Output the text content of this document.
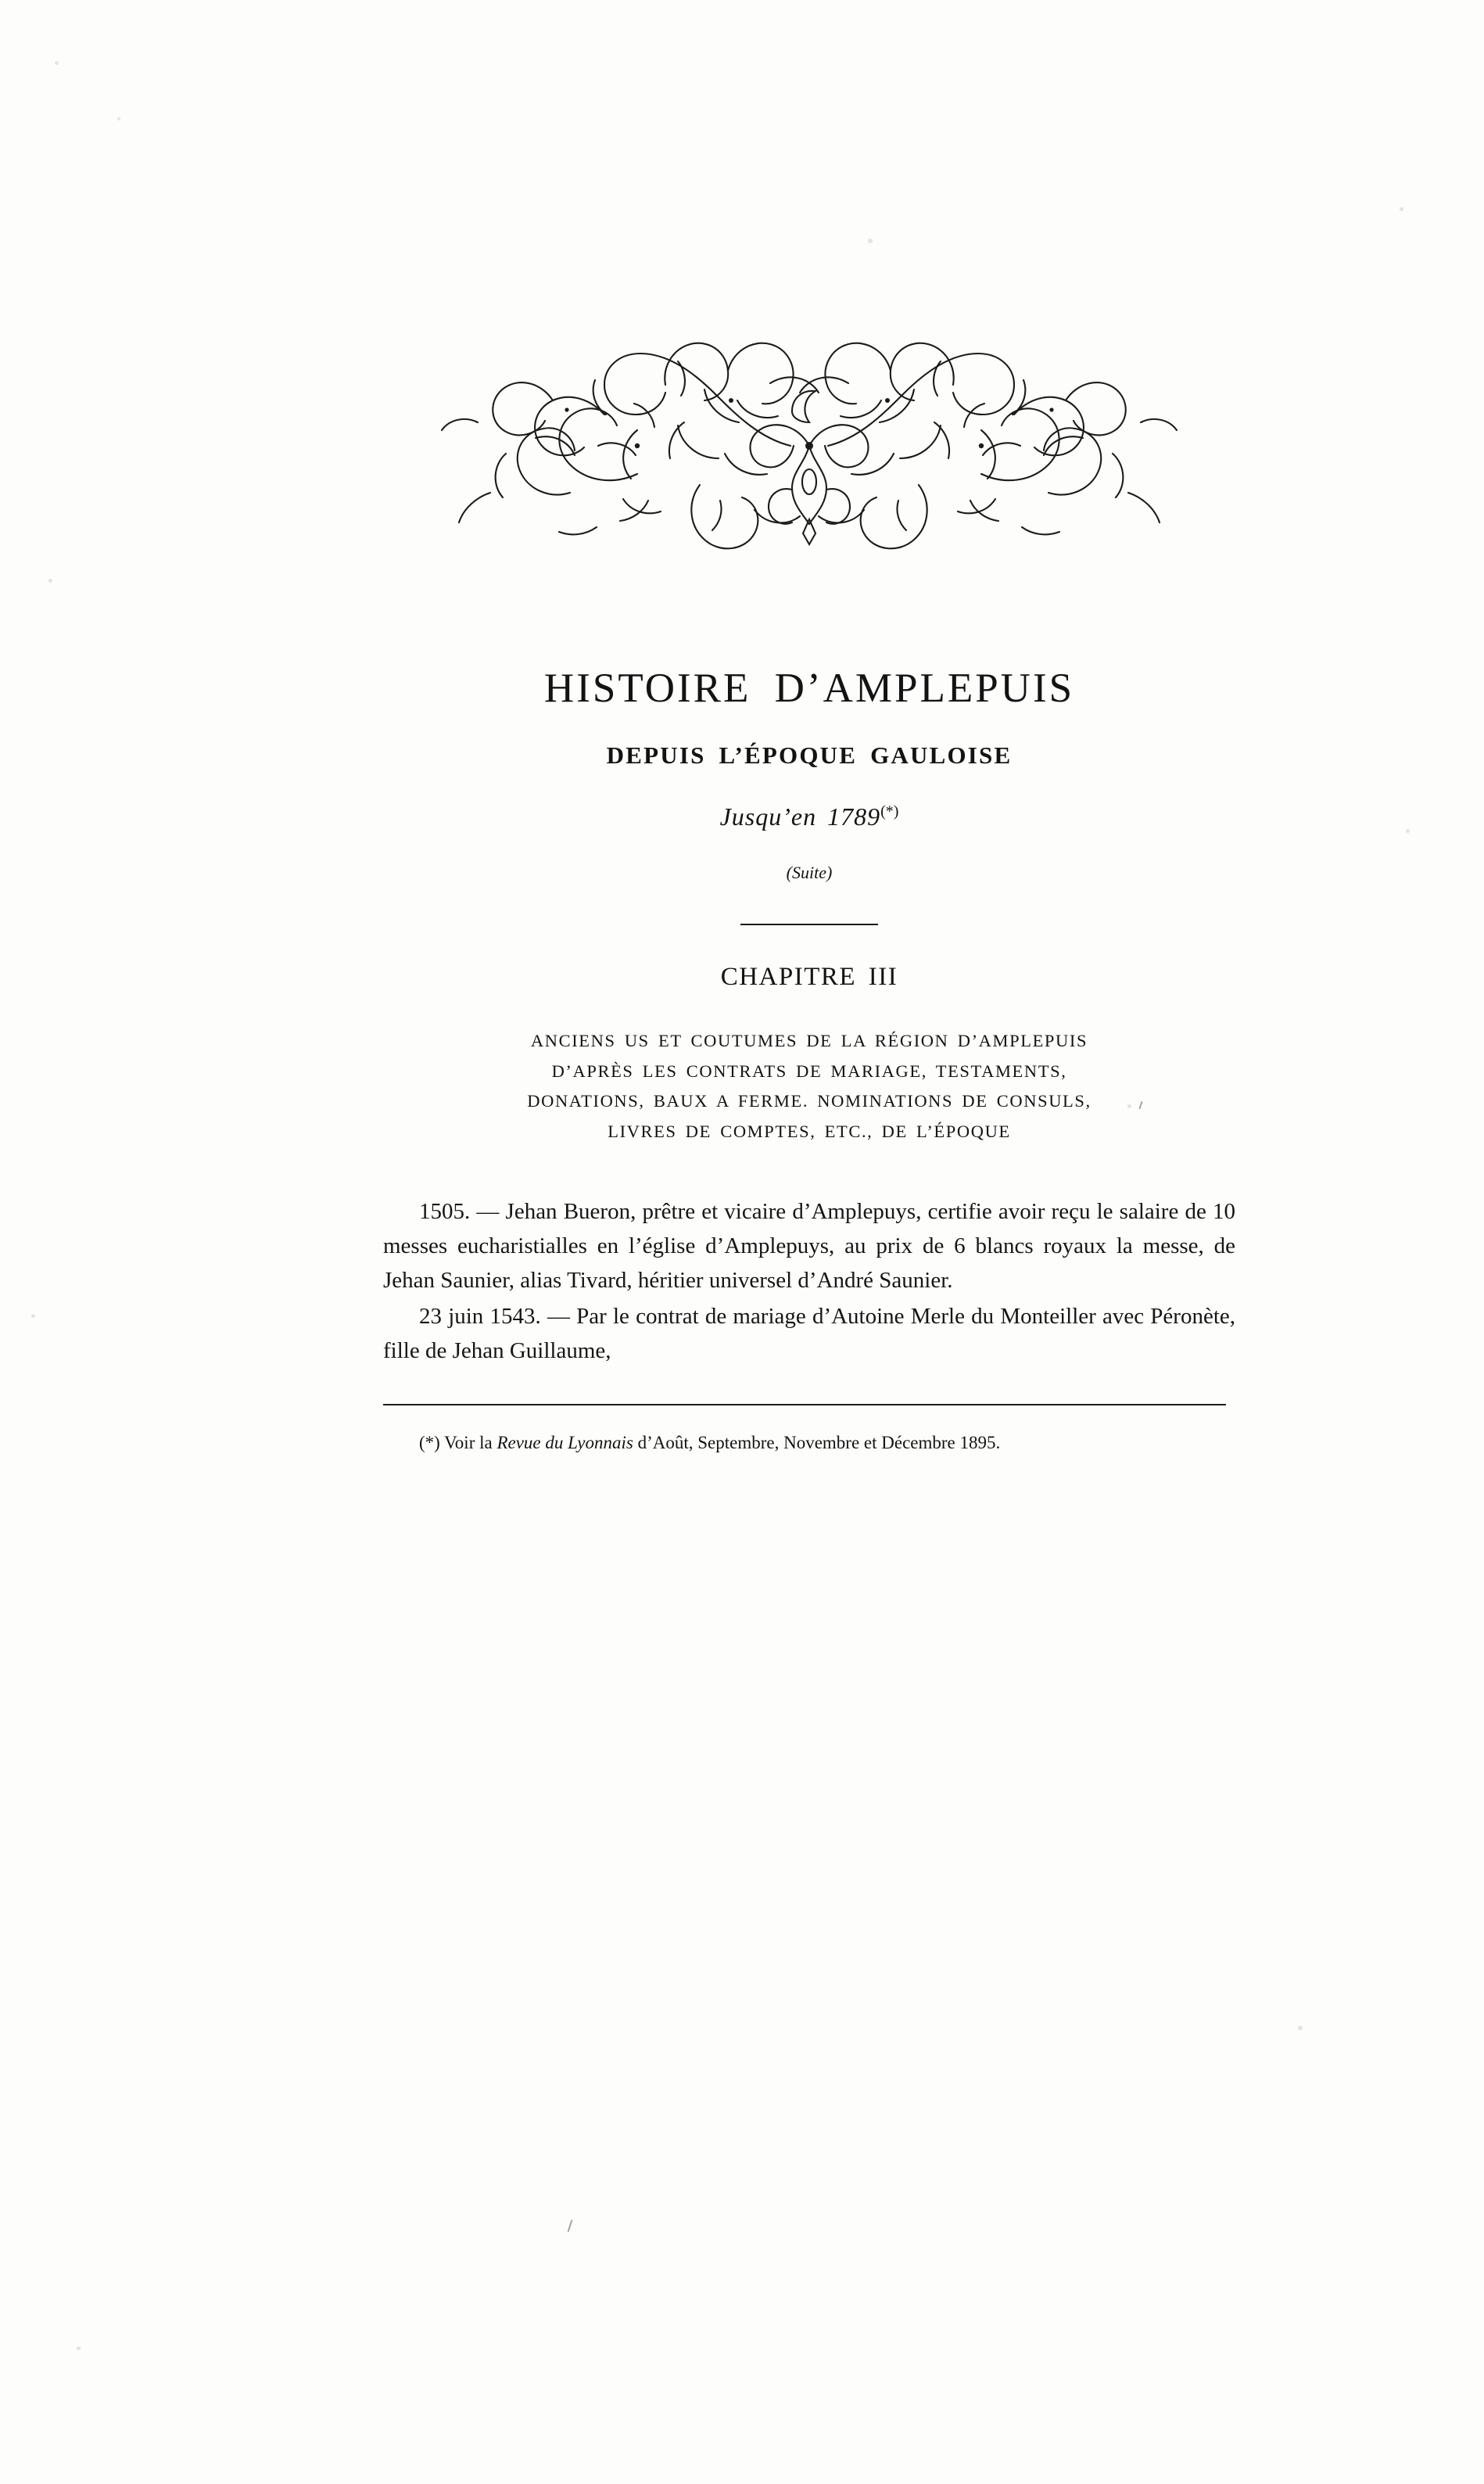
HISTOIRE D’AMPLEPUIS
DEPUIS L’ÉPOQUE GAULOISE
Jusqu’en 1789(*)
(Suite)
CHAPITRE III
ANCIENS US ET COUTUMES DE LA RÉGION D’AMPLEPUIS
D’APRÈS LES CONTRATS DE MARIAGE, TESTAMENTS,
DONATIONS, BAUX A FERME. NOMINATIONS DE CONSULS,
LIVRES DE COMPTES, ETC., DE L’ÉPOQUE

1505. — Jehan Bueron, prêtre et vicaire d’Amplepuys, certifie avoir reçu le salaire de 10 messes eucharistialles en l’église d’Amplepuys, au prix de 6 blancs royaux la messe, de Jehan Saunier, alias Tivard, héritier universel d’André Saunier.

23 juin 1543. — Par le contrat de mariage d’Autoine Merle du Monteiller avec Péronète, fille de Jehan Guillaume,

(*) Voir la Revue du Lyonnais d’Août, Septembre, Novembre et Décembre 1895.
